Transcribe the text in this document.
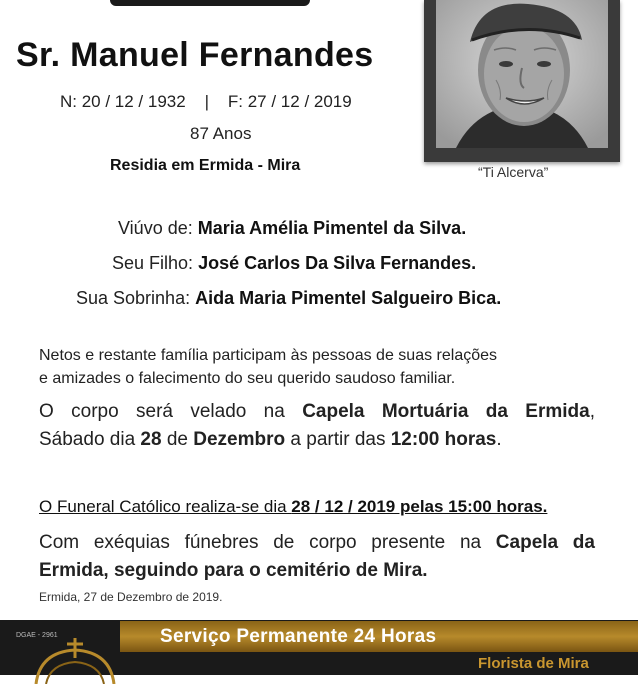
Sr. Manuel Fernandes
N: 20 / 12 / 1932    |    F: 27 / 12 / 2019
87 Anos
Residia em Ermida - Mira	“Ti Alcerva”
Viúvo de: Maria Amélia Pimentel da Silva.
Seu Filho: José Carlos Da Silva Fernandes.
Sua Sobrinha: Aida Maria Pimentel Salgueiro Bica.
Netos e restante família participam às pessoas de suas relações
e amizades o falecimento do seu querido saudoso familiar.
O corpo será velado na Capela Mortuária da Ermida,
Sábado dia 28 de Dezembro a partir das 12:00 horas.
O Funeral Católico realiza-se dia 28 / 12 / 2019 pelas 15:00 horas.
Com exéquias fúnebres de corpo presente na Capela da
Ermida, seguindo para o cemitério de Mira.
Ermida, 27 de Dezembro de 2019.
DGAE - 2961	Serviço Permanente 24 Horas
Florista de Mira
